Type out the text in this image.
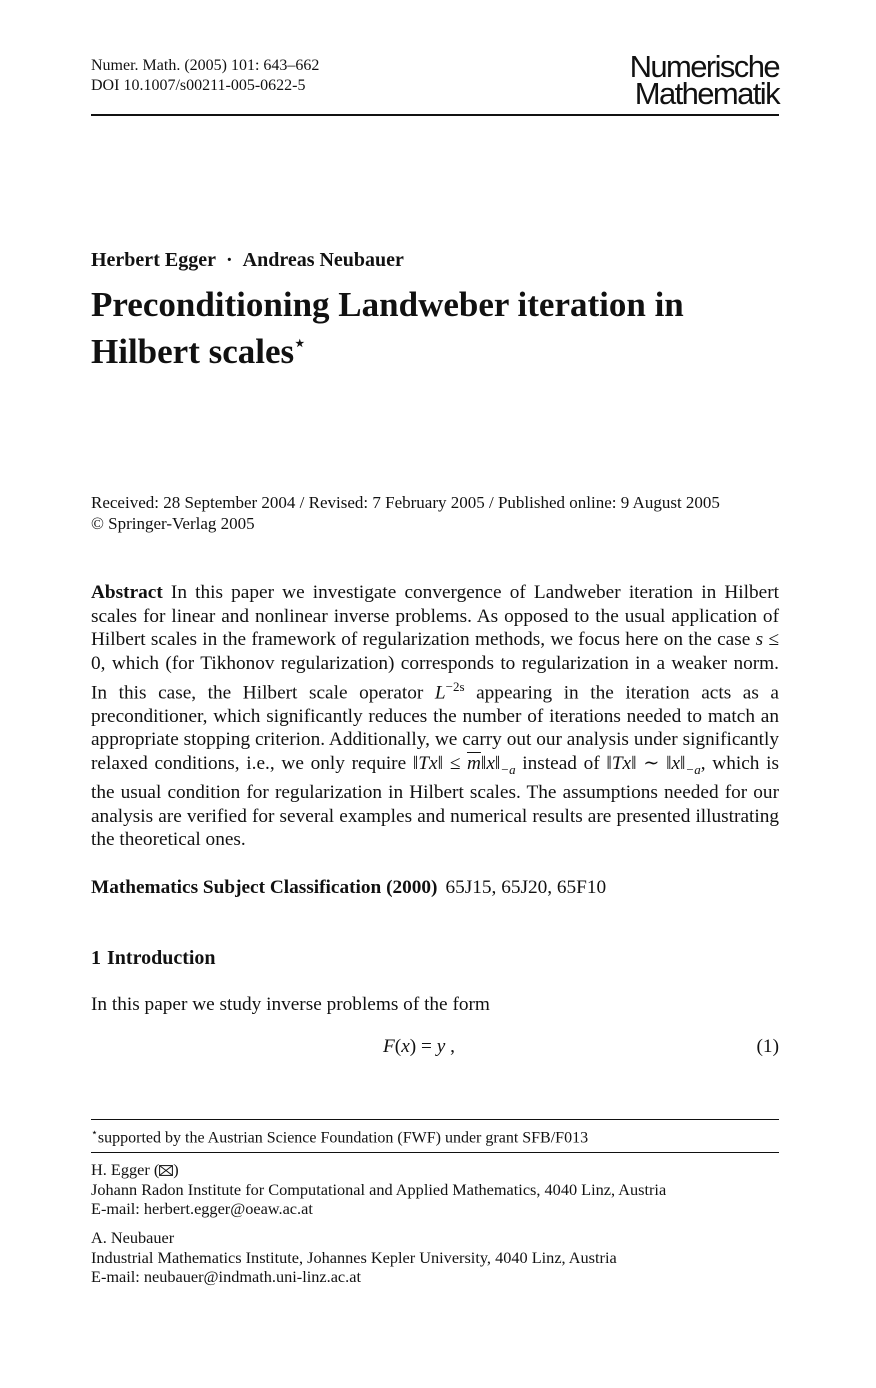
Numer. Math. (2005) 101: 643–662
DOI 10.1007/s00211-005-0622-5
Numerische
Mathematik
Herbert Egger · Andreas Neubauer
Preconditioning Landweber iteration in
Hilbert scales⋆
Received: 28 September 2004 / Revised: 7 February 2005 / Published online: 9 August 2005
© Springer-Verlag 2005
Abstract In this paper we investigate convergence of Landweber iteration in Hilbert scales for linear and nonlinear inverse problems. As opposed to the usual application of Hilbert scales in the framework of regularization methods, we focus here on the case s ≤ 0, which (for Tikhonov regularization) corresponds to regularization in a weaker norm. In this case, the Hilbert scale operator $L^{-2s}$ appearing in the iteration acts as a preconditioner, which significantly reduces the number of iterations needed to match an appropriate stopping criterion. Additionally, we carry out our analysis under significantly relaxed conditions, i.e., we only require ‖Tx‖ ≤ $\overline{m}‖x‖_{-a}$ instead of ‖Tx‖ ∼ $‖x‖_{-a}$, which is the usual condition for regularization in Hilbert scales. The assumptions needed for our analysis are verified for several examples and numerical results are presented illustrating the theoretical ones.
Mathematics Subject Classification (2000) 65J15, 65J20, 65F10
1 Introduction
In this paper we study inverse problems of the form
F(x) = y ,	(1)
⋆supported by the Austrian Science Foundation (FWF) under grant SFB/F013
H. Egger ( )
Johann Radon Institute for Computational and Applied Mathematics, 4040 Linz, Austria
E-mail: herbert.egger@oeaw.ac.at
A. Neubauer
Industrial Mathematics Institute, Johannes Kepler University, 4040 Linz, Austria
E-mail: neubauer@indmath.uni-linz.ac.at
